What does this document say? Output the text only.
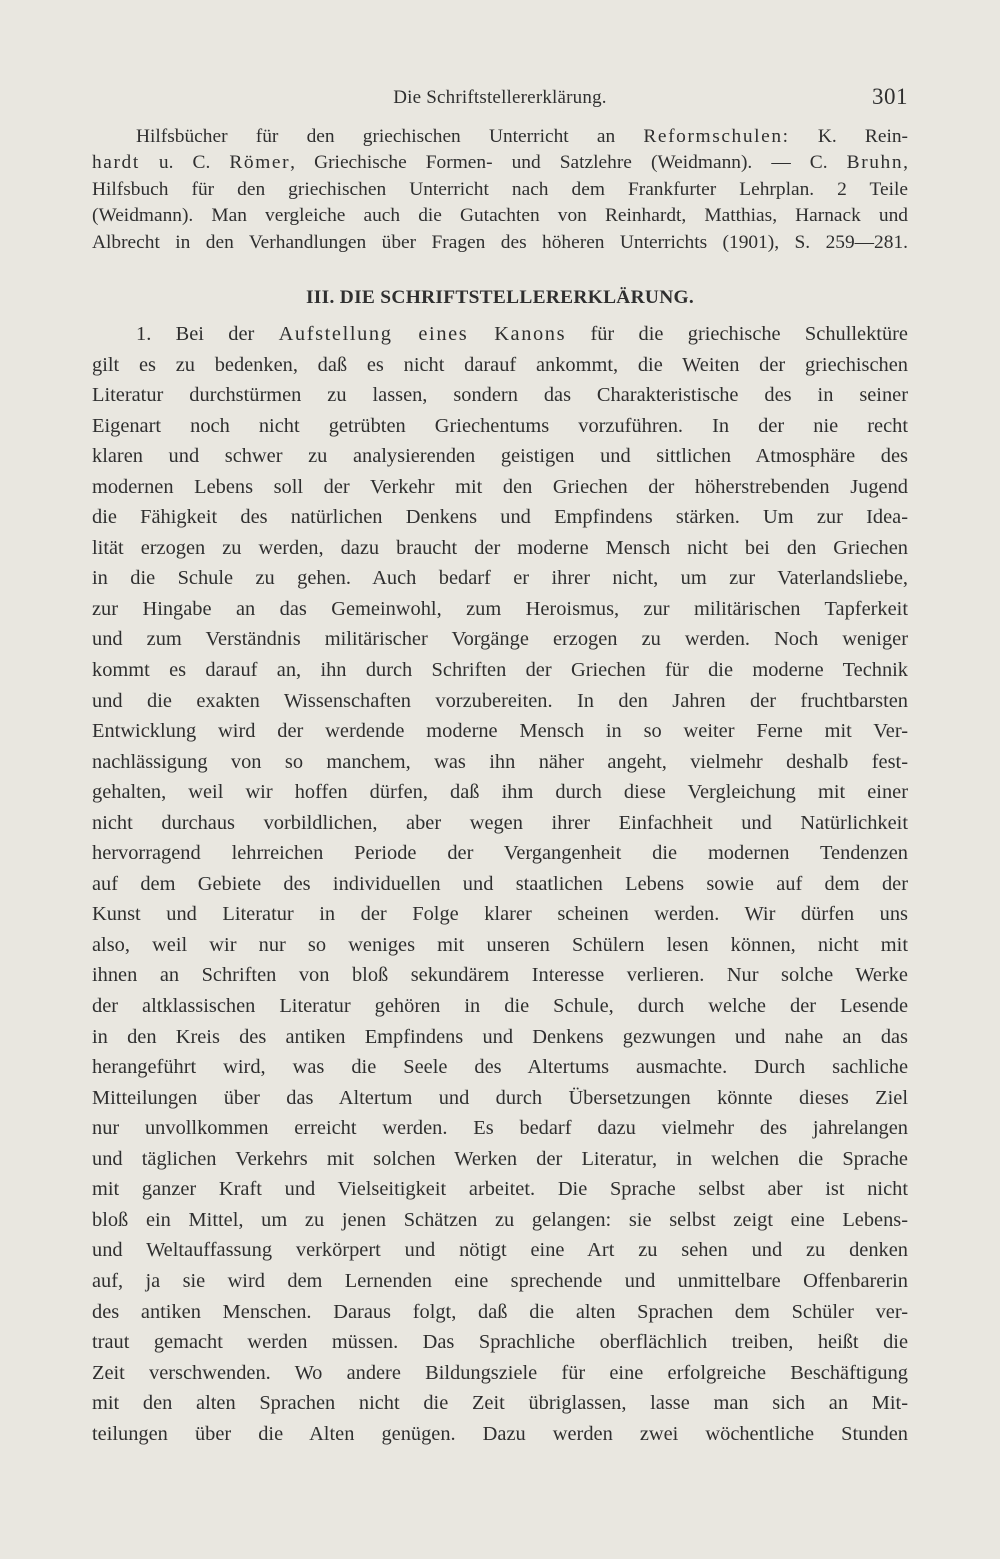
Die Schriftstellererklärung.	301

Hilfsbücher für den griechischen Unterricht an Reformschulen: K. Rein-
hardt u. C. Römer, Griechische Formen- und Satzlehre (Weidmann). — C. Bruhn,
Hilfsbuch für den griechischen Unterricht nach dem Frankfurter Lehrplan. 2 Teile
(Weidmann). Man vergleiche auch die Gutachten von Reinhardt, Matthias, Harnack und
Albrecht in den Verhandlungen über Fragen des höheren Unterrichts (1901), S. 259—281.

III. DIE SCHRIFTSTELLERERKLÄRUNG.

1. Bei der Aufstellung eines Kanons für die griechische Schullektüre
gilt es zu bedenken, daß es nicht darauf ankommt, die Weiten der griechischen
Literatur durchstürmen zu lassen, sondern das Charakteristische des in seiner
Eigenart noch nicht getrübten Griechentums vorzuführen. In der nie recht
klaren und schwer zu analysierenden geistigen und sittlichen Atmosphäre des
modernen Lebens soll der Verkehr mit den Griechen der höherstrebenden Jugend
die Fähigkeit des natürlichen Denkens und Empfindens stärken. Um zur Idea-
lität erzogen zu werden, dazu braucht der moderne Mensch nicht bei den Griechen
in die Schule zu gehen. Auch bedarf er ihrer nicht, um zur Vaterlandsliebe,
zur Hingabe an das Gemeinwohl, zum Heroismus, zur militärischen Tapferkeit
und zum Verständnis militärischer Vorgänge erzogen zu werden. Noch weniger
kommt es darauf an, ihn durch Schriften der Griechen für die moderne Technik
und die exakten Wissenschaften vorzubereiten. In den Jahren der fruchtbarsten
Entwicklung wird der werdende moderne Mensch in so weiter Ferne mit Ver-
nachlässigung von so manchem, was ihn näher angeht, vielmehr deshalb fest-
gehalten, weil wir hoffen dürfen, daß ihm durch diese Vergleichung mit einer
nicht durchaus vorbildlichen, aber wegen ihrer Einfachheit und Natürlichkeit
hervorragend lehrreichen Periode der Vergangenheit die modernen Tendenzen
auf dem Gebiete des individuellen und staatlichen Lebens sowie auf dem der
Kunst und Literatur in der Folge klarer scheinen werden. Wir dürfen uns
also, weil wir nur so weniges mit unseren Schülern lesen können, nicht mit
ihnen an Schriften von bloß sekundärem Interesse verlieren. Nur solche Werke
der altklassischen Literatur gehören in die Schule, durch welche der Lesende
in den Kreis des antiken Empfindens und Denkens gezwungen und nahe an das
herangeführt wird, was die Seele des Altertums ausmachte. Durch sachliche
Mitteilungen über das Altertum und durch Übersetzungen könnte dieses Ziel
nur unvollkommen erreicht werden. Es bedarf dazu vielmehr des jahrelangen
und täglichen Verkehrs mit solchen Werken der Literatur, in welchen die Sprache
mit ganzer Kraft und Vielseitigkeit arbeitet. Die Sprache selbst aber ist nicht
bloß ein Mittel, um zu jenen Schätzen zu gelangen: sie selbst zeigt eine Lebens-
und Weltauffassung verkörpert und nötigt eine Art zu sehen und zu denken
auf, ja sie wird dem Lernenden eine sprechende und unmittelbare Offenbarerin
des antiken Menschen. Daraus folgt, daß die alten Sprachen dem Schüler ver-
traut gemacht werden müssen. Das Sprachliche oberflächlich treiben, heißt die
Zeit verschwenden. Wo andere Bildungsziele für eine erfolgreiche Beschäftigung
mit den alten Sprachen nicht die Zeit übriglassen, lasse man sich an Mit-
teilungen über die Alten genügen. Dazu werden zwei wöchentliche Stunden
